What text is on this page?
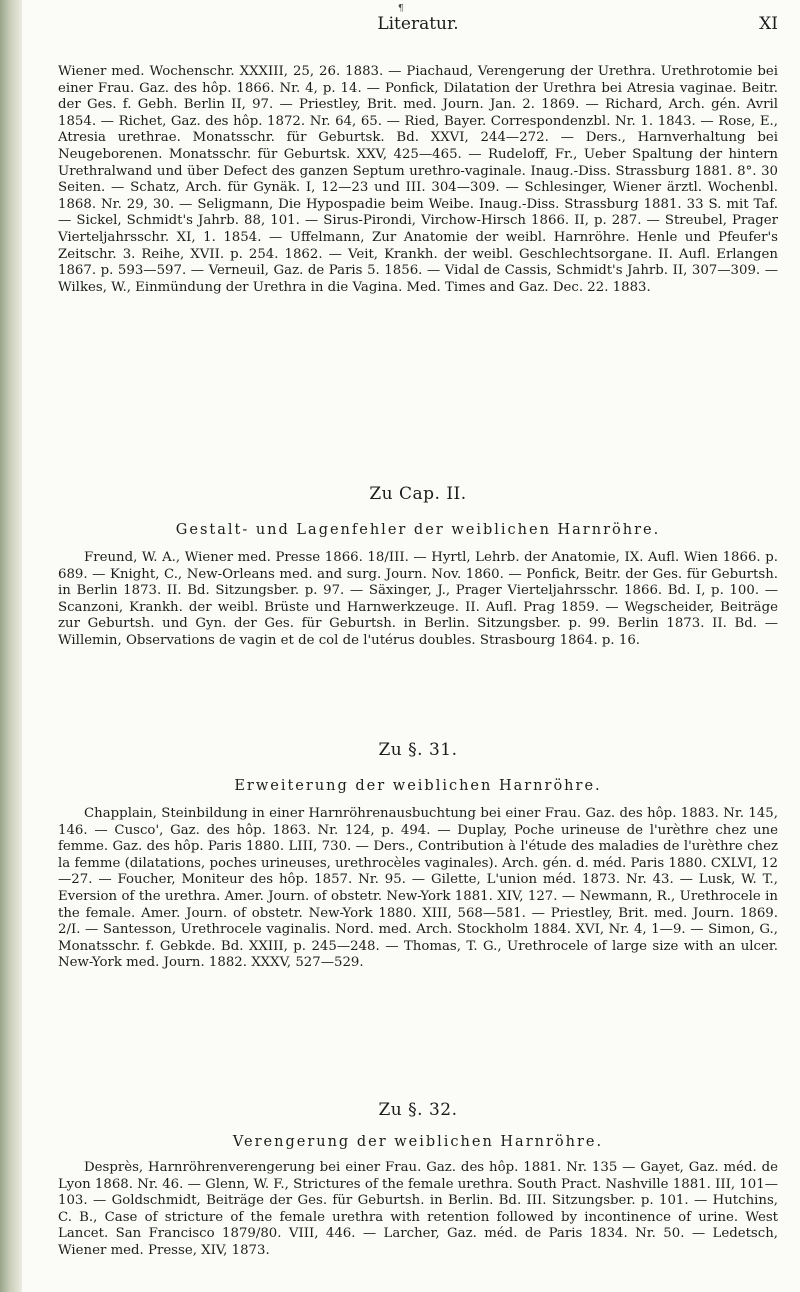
¶
Literatur.	XI

Wiener med. Wochenschr. XXXIII, 25, 26. 1883. — Piachaud, Verengerung der Urethra. Urethrotomie bei einer Frau. Gaz. des hôp. 1866. Nr. 4, p. 14. — Ponfick, Dilatation der Urethra bei Atresia vaginae. Beitr. der Ges. f. Gebh. Berlin II, 97. — Priestley, Brit. med. Journ. Jan. 2. 1869. — Richard, Arch. gén. Avril 1854. — Richet, Gaz. des hôp. 1872. Nr. 64, 65. — Ried, Bayer. Correspondenzbl. Nr. 1. 1843. — Rose, E., Atresia urethrae. Monatsschr. für Geburtsk. Bd. XXVI, 244—272. — Ders., Harnverhaltung bei Neugeborenen. Monatsschr. für Geburtsk. XXV, 425—465. — Rudeloff, Fr., Ueber Spaltung der hintern Urethralwand und über Defect des ganzen Septum urethro-vaginale. Inaug.-Diss. Strassburg 1881. 8°. 30 Seiten. — Schatz, Arch. für Gynäk. I, 12—23 und III. 304—309. — Schlesinger, Wiener ärztl. Wochenbl. 1868. Nr. 29, 30. — Seligmann, Die Hypospadie beim Weibe. Inaug.-Diss. Strassburg 1881. 33 S. mit Taf. — Sickel, Schmidt's Jahrb. 88, 101. — Sirus-Pirondi, Virchow-Hirsch 1866. II, p. 287. — Streubel, Prager Vierteljahrsschr. XI, 1. 1854. — Uffelmann, Zur Anatomie der weibl. Harnröhre. Henle und Pfeufer's Zeitschr. 3. Reihe, XVII. p. 254. 1862. — Veit, Krankh. der weibl. Geschlechtsorgane. II. Aufl. Erlangen 1867. p. 593—597. — Verneuil, Gaz. de Paris 5. 1856. — Vidal de Cassis, Schmidt's Jahrb. II, 307—309. — Wilkes, W., Einmündung der Urethra in die Vagina. Med. Times and Gaz. Dec. 22. 1883.

Zu Cap. II.
Gestalt- und Lagenfehler der weiblichen Harnröhre.

Freund, W. A., Wiener med. Presse 1866. 18/III. — Hyrtl, Lehrb. der Anatomie, IX. Aufl. Wien 1866. p. 689. — Knight, C., New-Orleans med. and surg. Journ. Nov. 1860. — Ponfick, Beitr. der Ges. für Geburtsh. in Berlin 1873. II. Bd. Sitzungsber. p. 97. — Säxinger, J., Prager Vierteljahrsschr. 1866. Bd. I, p. 100. — Scanzoni, Krankh. der weibl. Brüste und Harnwerkzeuge. II. Aufl. Prag 1859. — Wegscheider, Beiträge zur Geburtsh. und Gyn. der Ges. für Geburtsh. in Berlin. Sitzungsber. p. 99. Berlin 1873. II. Bd. — Willemin, Observations de vagin et de col de l'utérus doubles. Strasbourg 1864. p. 16.

Zu §. 31.
Erweiterung der weiblichen Harnröhre.

Chapplain, Steinbildung in einer Harnröhrenausbuchtung bei einer Frau. Gaz. des hôp. 1883. Nr. 145, 146. — Cusco', Gaz. des hôp. 1863. Nr. 124, p. 494. — Duplay, Poche urineuse de l'urèthre chez une femme. Gaz. des hôp. Paris 1880. LIII, 730. — Ders., Contribution à l'étude des maladies de l'urèthre chez la femme (dilatations, poches urineuses, urethrocèles vaginales). Arch. gén. d. méd. Paris 1880. CXLVI, 12—27. — Foucher, Moniteur des hôp. 1857. Nr. 95. — Gilette, L'union méd. 1873. Nr. 43. — Lusk, W. T., Eversion of the urethra. Amer. Journ. of obstetr. New-York 1881. XIV, 127. — Newmann, R., Urethrocele in the female. Amer. Journ. of obstetr. New-York 1880. XIII, 568—581. — Priestley, Brit. med. Journ. 1869. 2/I. — Santesson, Urethrocele vaginalis. Nord. med. Arch. Stockholm 1884. XVI, Nr. 4, 1—9. — Simon, G., Monatsschr. f. Gebkde. Bd. XXIII, p. 245—248. — Thomas, T. G., Urethrocele of large size with an ulcer. New-York med. Journ. 1882. XXXV, 527—529.

Zu §. 32.
Verengerung der weiblichen Harnröhre.

Desprès, Harnröhrenverengerung bei einer Frau. Gaz. des hôp. 1881. Nr. 135 — Gayet, Gaz. méd. de Lyon 1868. Nr. 46. — Glenn, W. F., Strictures of the female urethra. South Pract. Nashville 1881. III, 101—103. — Goldschmidt, Beiträge der Ges. für Geburtsh. in Berlin. Bd. III. Sitzungsber. p. 101. — Hutchins, C. B., Case of stricture of the female urethra with retention followed by incontinence of urine. West Lancet. San Francisco 1879/80. VIII, 446. — Larcher, Gaz. méd. de Paris 1834. Nr. 50. — Ledetsch, Wiener med. Presse, XIV, 1873.
